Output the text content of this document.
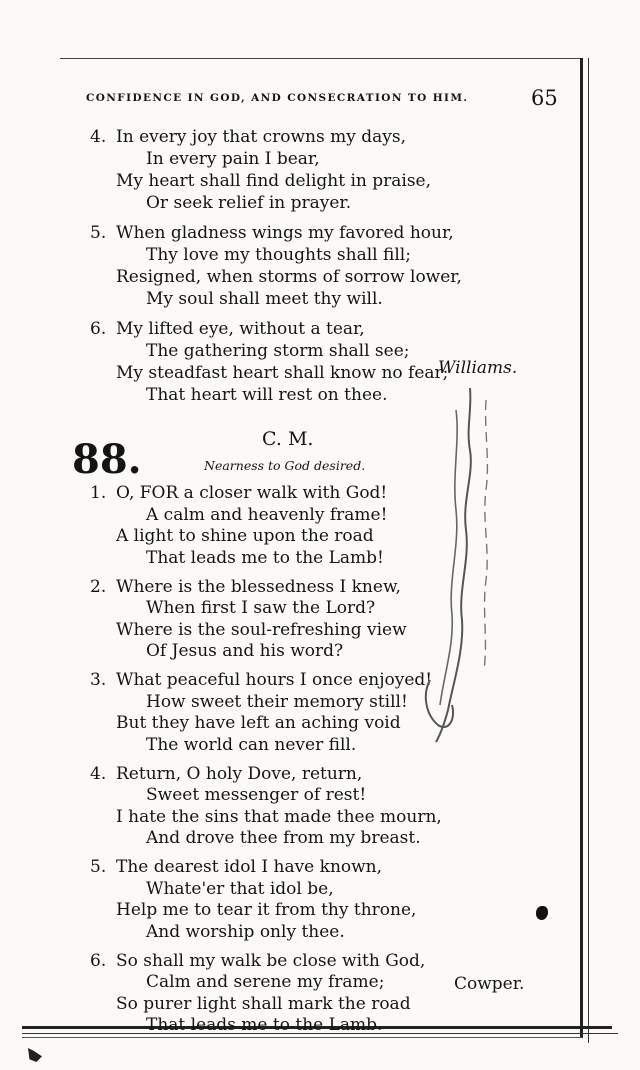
CONFIDENCE IN GOD, AND CONSECRATION TO HIM.	65
4. In every joy that crowns my days,
In every pain I bear,
My heart shall find delight in praise,
Or seek relief in prayer.
5. When gladness wings my favored hour,
Thy love my thoughts shall fill;
Resigned, when storms of sorrow lower,
My soul shall meet thy will.
6. My lifted eye, without a tear,
The gathering storm shall see;
My steadfast heart shall know no fear;
That heart will rest on thee.
Williams.
C. M.
88.	Nearness to God desired.
1. O, FOR a closer walk with God!
A calm and heavenly frame!
A light to shine upon the road
That leads me to the Lamb!
2. Where is the blessedness I knew,
When first I saw the Lord?
Where is the soul-refreshing view
Of Jesus and his word?
3. What peaceful hours I once enjoyed!
How sweet their memory still!
But they have left an aching void
The world can never fill.
4. Return, O holy Dove, return,
Sweet messenger of rest!
I hate the sins that made thee mourn,
And drove thee from my breast.
5. The dearest idol I have known,
Whate'er that idol be,
Help me to tear it from thy throne,
And worship only thee.
6. So shall my walk be close with God,
Calm and serene my frame;
So purer light shall mark the road
That leads me to the Lamb.
Cowper.
